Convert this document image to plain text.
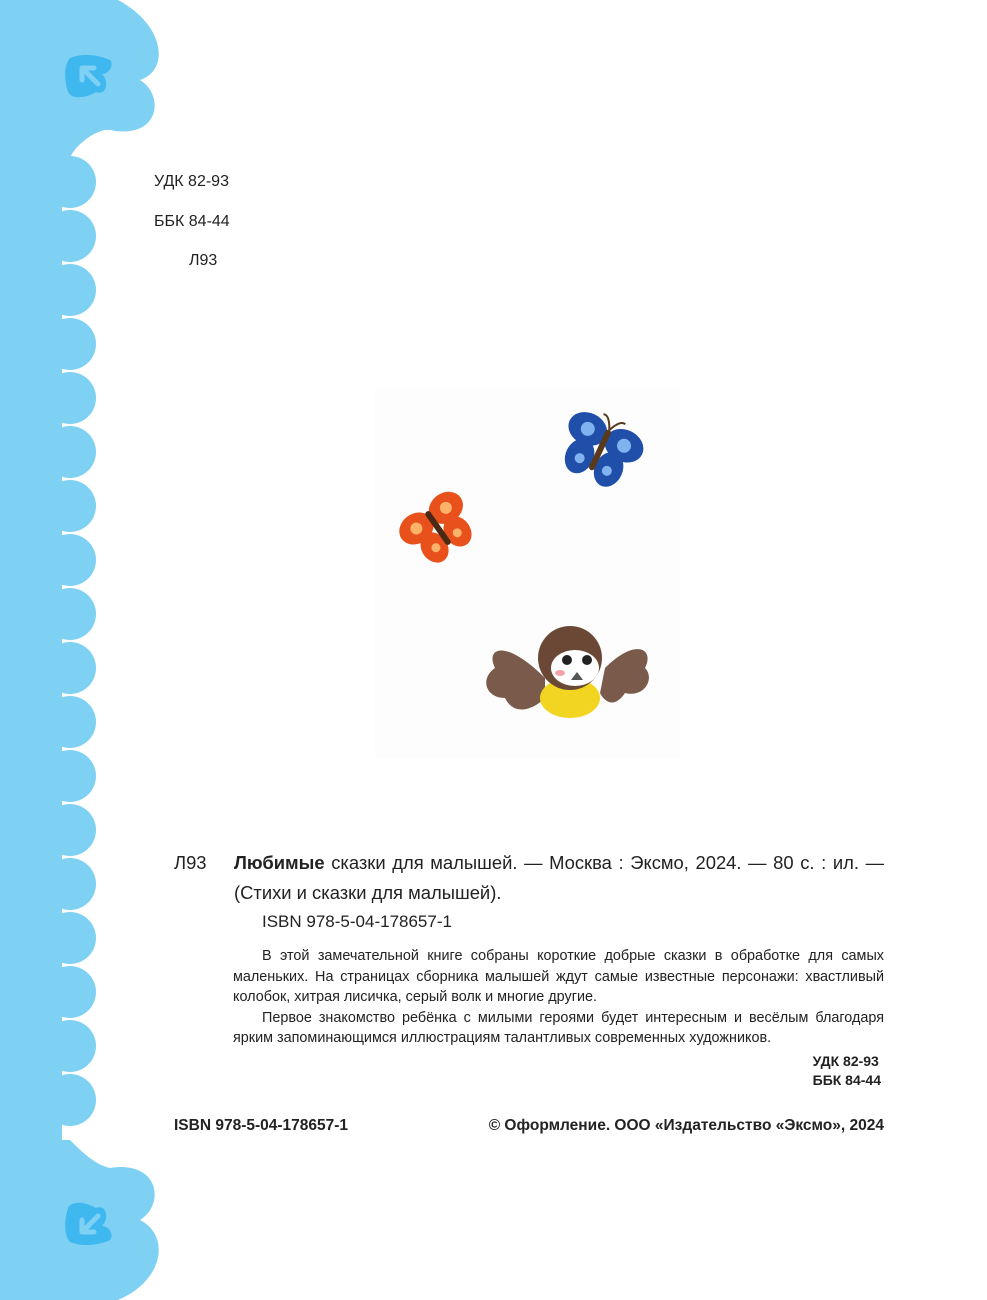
УДК 82-93
ББК 84-44
Л93
Л93 Любимые сказки для малышей. — Москва : Эксмо, 2024. — 80 с. : ил. — (Стихи и сказки для малышей).
ISBN 978-5-04-178657-1

В этой замечательной книге собраны короткие добрые сказки в обработке для самых маленьких. На страницах сборника малышей ждут самые известные персонажи: хвастливый колобок, хитрая лисичка, серый волк и многие другие.

Первое знакомство ребёнка с милыми героями будет интересным и весёлым благодаря ярким запоминающимся иллюстрациям талантливых современных художников.

УДК 82-93
ББК 84-44
ISBN 978-5-04-178657-1	© Оформление. ООО «Издательство «Эксмо», 2024
